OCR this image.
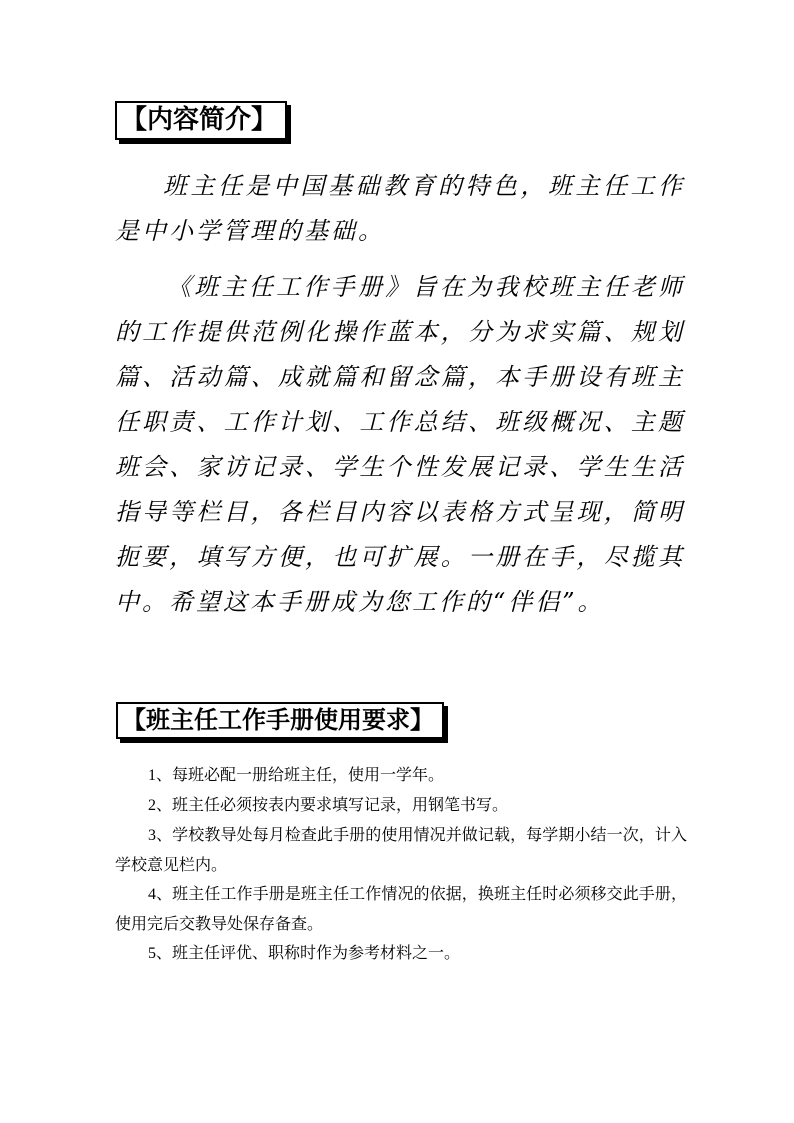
【内容简介】

班主任是中国基础教育的特色，班主任工作是中小学管理的基础。

《班主任工作手册》旨在为我校班主任老师的工作提供范例化操作蓝本，分为求实篇、规划篇、活动篇、成就篇和留念篇，本手册设有班主任职责、工作计划、工作总结、班级概况、主题班会、家访记录、学生个性发展记录、学生生活指导等栏目，各栏目内容以表格方式呈现，简明扼要，填写方便，也可扩展。一册在手，尽揽其中。希望这本手册成为您工作的“伴侣”。

【班主任工作手册使用要求】

1、每班必配一册给班主任，使用一学年。

2、班主任必须按表内要求填写记录，用钢笔书写。

3、学校教导处每月检查此手册的使用情况并做记载，每学期小结一次，计入学校意见栏内。

4、班主任工作手册是班主任工作情况的依据，换班主任时必须移交此手册，使用完后交教导处保存备查。

5、班主任评优、职称时作为参考材料之一。
